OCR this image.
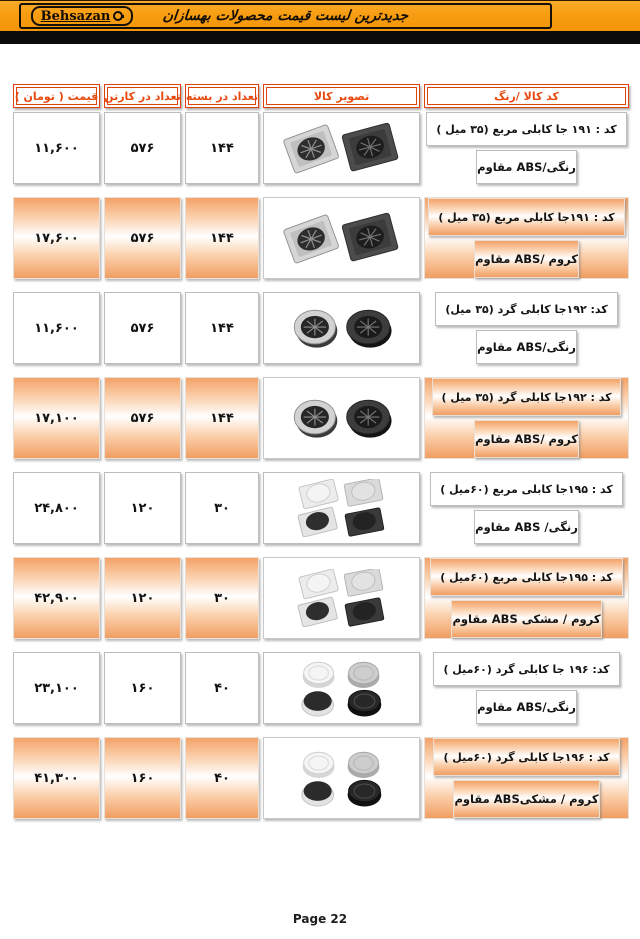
Behsazan	جدیدترین لیست قیمت محصولات بهسازان
کد کالا /رنگ
تصویر کالا
تعداد در بسته
تعداد در کارتن
قیمت ( تومان )
کد : ۱۹۱ جا کابلی مربع (۳۵ میل )
رنگی/ABS مقاوم
۱۴۴
۵۷۶
۱۱,۶۰۰
کد : ۱۹۱جا کابلی مربع (۳۵ میل )
کروم /ABS مقاوم
۱۴۴
۵۷۶
۱۷,۶۰۰
کد: ۱۹۲جا کابلی گرد (۳۵ میل)
رنگی/ABS مقاوم
۱۴۴
۵۷۶
۱۱,۶۰۰
کد : ۱۹۲جا کابلی گرد (۳۵ میل )
کروم /ABS مقاوم
۱۴۴
۵۷۶
۱۷,۱۰۰
کد : ۱۹۵جا کابلی مربع (۶۰میل )
رنگی/ ABS مقاوم
۳۰
۱۲۰
۲۴,۸۰۰
کد : ۱۹۵جا کابلی مربع (۶۰میل )
کروم / مشکی ABS مقاوم
۳۰
۱۲۰
۴۲,۹۰۰
کد: ۱۹۶ جا کابلی گرد (۶۰میل )
رنگی/ABS مقاوم
۴۰
۱۶۰
۲۳,۱۰۰
کد : ۱۹۶جا کابلی گرد (۶۰میل )
کروم / مشکیABS مقاوم
۴۰
۱۶۰
۴۱,۳۰۰
Page 22
